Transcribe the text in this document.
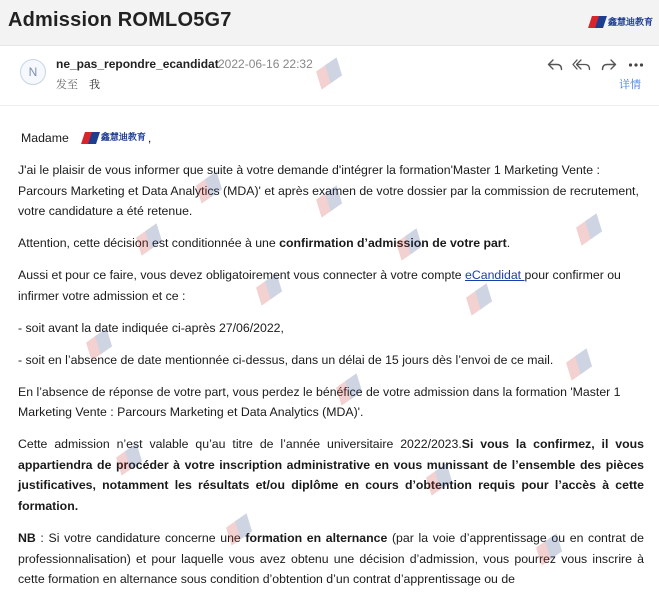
Admission ROMLO5G7	鑫慧迪教育
N
ne_pas_repondre_ecandidat 2022-06-16 22:32
发至 我	详情

Madame	鑫慧迪教育 ,

J'ai le plaisir de vous informer que suite à votre demande d'intégrer la formation'Master 1 Marketing Vente : Parcours Marketing et Data Analytics (MDA)' et après examen de votre dossier par la commission de recrutement, votre candidature a été retenue.

Attention, cette décision est conditionnée à une confirmation d’admission de votre part.

Aussi et pour ce faire, vous devez obligatoirement vous connecter à votre compte eCandidat pour confirmer ou infirmer votre admission et ce :

- soit avant la date indiquée ci-après 27/06/2022,

- soit en l’absence de date mentionnée ci-dessus, dans un délai de 15 jours dès l’envoi de ce mail.

En l’absence de réponse de votre part, vous perdez le bénéfice de votre admission dans la formation 'Master 1 Marketing Vente : Parcours Marketing et Data Analytics (MDA)'.

Cette admission n’est valable qu’au titre de l’année universitaire 2022/2023.Si vous la confirmez, il vous appartiendra de procéder à votre inscription administrative en vous munissant de l’ensemble des pièces justificatives, notamment les résultats et/ou diplôme en cours d’obtention requis pour l’accès à cette formation.

NB : Si votre candidature concerne une formation en alternance (par la voie d’apprentissage ou en contrat de professionnalisation) et pour laquelle vous avez obtenu une décision d’admission, vous pourrez vous inscrire à cette formation en alternance sous condition d’obtention d’un contrat d’apprentissage ou de
